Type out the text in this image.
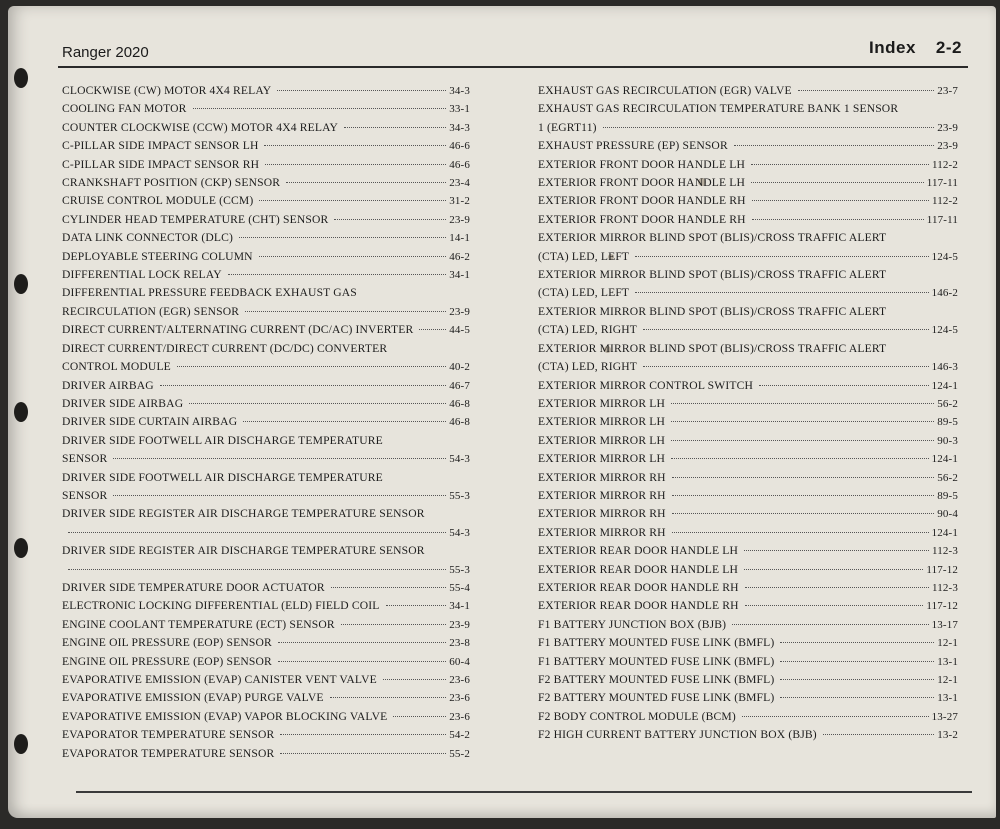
Ranger 2020	Index 2-2
CLOCKWISE (CW) MOTOR 4X4 RELAY	34-3
COOLING FAN MOTOR	33-1
COUNTER CLOCKWISE (CCW) MOTOR 4X4 RELAY	34-3
C-PILLAR SIDE IMPACT SENSOR LH	46-6
C-PILLAR SIDE IMPACT SENSOR RH	46-6
CRANKSHAFT POSITION (CKP) SENSOR	23-4
CRUISE CONTROL MODULE (CCM)	31-2
CYLINDER HEAD TEMPERATURE (CHT) SENSOR	23-9
DATA LINK CONNECTOR (DLC)	14-1
DEPLOYABLE STEERING COLUMN	46-2
DIFFERENTIAL LOCK RELAY	34-1
DIFFERENTIAL PRESSURE FEEDBACK EXHAUST GAS
RECIRCULATION (EGR) SENSOR	23-9
DIRECT CURRENT/ALTERNATING CURRENT (DC/AC) INVERTER	44-5
DIRECT CURRENT/DIRECT CURRENT (DC/DC) CONVERTER
CONTROL MODULE	40-2
DRIVER AIRBAG	46-7
DRIVER SIDE AIRBAG	46-8
DRIVER SIDE CURTAIN AIRBAG	46-8
DRIVER SIDE FOOTWELL AIR DISCHARGE TEMPERATURE
SENSOR	54-3
DRIVER SIDE FOOTWELL AIR DISCHARGE TEMPERATURE
SENSOR	55-3
DRIVER SIDE REGISTER AIR DISCHARGE TEMPERATURE SENSOR
54-3
DRIVER SIDE REGISTER AIR DISCHARGE TEMPERATURE SENSOR
55-3
DRIVER SIDE TEMPERATURE DOOR ACTUATOR	55-4
ELECTRONIC LOCKING DIFFERENTIAL (ELD) FIELD COIL	34-1
ENGINE COOLANT TEMPERATURE (ECT) SENSOR	23-9
ENGINE OIL PRESSURE (EOP) SENSOR	23-8
ENGINE OIL PRESSURE (EOP) SENSOR	60-4
EVAPORATIVE EMISSION (EVAP) CANISTER VENT VALVE	23-6
EVAPORATIVE EMISSION (EVAP) PURGE VALVE	23-6
EVAPORATIVE EMISSION (EVAP) VAPOR BLOCKING VALVE	23-6
EVAPORATOR TEMPERATURE SENSOR	54-2
EVAPORATOR TEMPERATURE SENSOR	55-2
EXHAUST GAS RECIRCULATION (EGR) VALVE	23-7
EXHAUST GAS RECIRCULATION TEMPERATURE BANK 1 SENSOR
1 (EGRT11)	23-9
EXHAUST PRESSURE (EP) SENSOR	23-9
EXTERIOR FRONT DOOR HANDLE LH	112-2
EXTERIOR FRONT DOOR HANDLE LH	117-11
EXTERIOR FRONT DOOR HANDLE RH	112-2
EXTERIOR FRONT DOOR HANDLE RH	117-11
EXTERIOR MIRROR BLIND SPOT (BLIS)/CROSS TRAFFIC ALERT
(CTA) LED, LEFT	124-5
EXTERIOR MIRROR BLIND SPOT (BLIS)/CROSS TRAFFIC ALERT
(CTA) LED, LEFT	146-2
EXTERIOR MIRROR BLIND SPOT (BLIS)/CROSS TRAFFIC ALERT
(CTA) LED, RIGHT	124-5
EXTERIOR MIRROR BLIND SPOT (BLIS)/CROSS TRAFFIC ALERT
(CTA) LED, RIGHT	146-3
EXTERIOR MIRROR CONTROL SWITCH	124-1
EXTERIOR MIRROR LH	56-2
EXTERIOR MIRROR LH	89-5
EXTERIOR MIRROR LH	90-3
EXTERIOR MIRROR LH	124-1
EXTERIOR MIRROR RH	56-2
EXTERIOR MIRROR RH	89-5
EXTERIOR MIRROR RH	90-4
EXTERIOR MIRROR RH	124-1
EXTERIOR REAR DOOR HANDLE LH	112-3
EXTERIOR REAR DOOR HANDLE LH	117-12
EXTERIOR REAR DOOR HANDLE RH	112-3
EXTERIOR REAR DOOR HANDLE RH	117-12
F1 BATTERY JUNCTION BOX (BJB)	13-17
F1 BATTERY MOUNTED FUSE LINK (BMFL)	12-1
F1 BATTERY MOUNTED FUSE LINK (BMFL)	13-1
F2 BATTERY MOUNTED FUSE LINK (BMFL)	12-1
F2 BATTERY MOUNTED FUSE LINK (BMFL)	13-1
F2 BODY CONTROL MODULE (BCM)	13-27
F2 HIGH CURRENT BATTERY JUNCTION BOX (BJB)	13-2
